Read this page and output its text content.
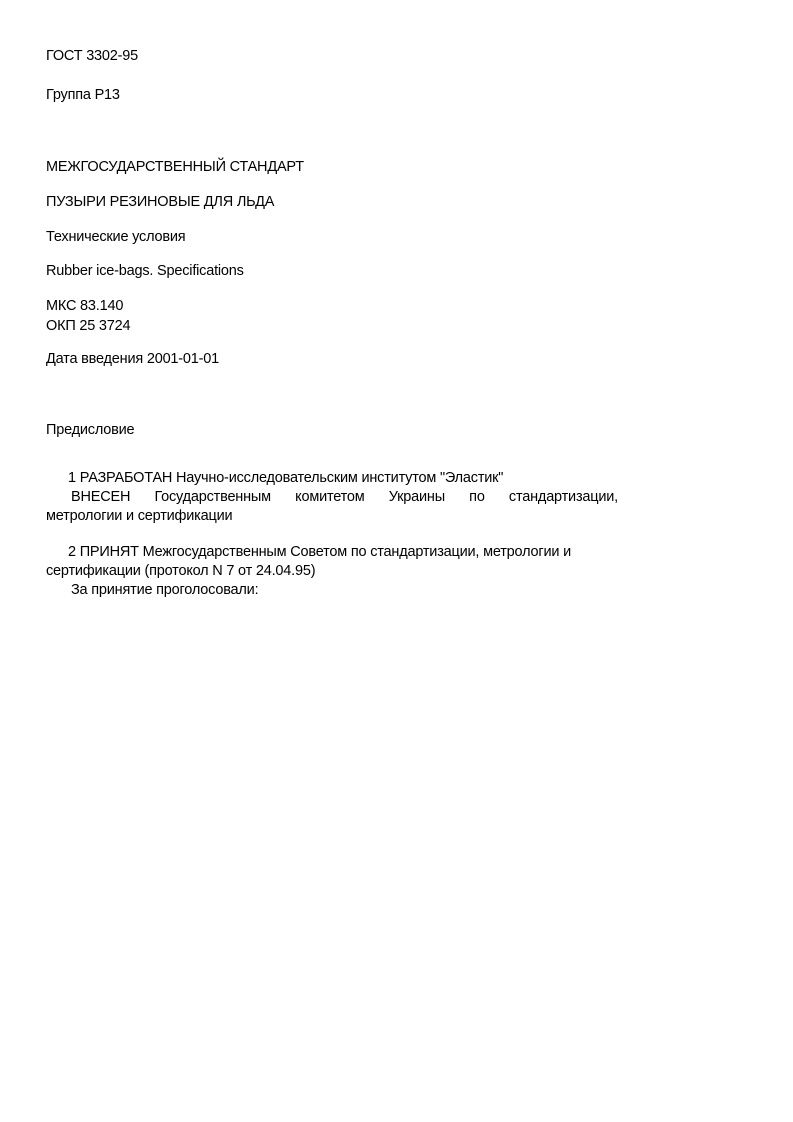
ГОСТ 3302-95
Группа Р13
МЕЖГОСУДАРСТВЕННЫЙ СТАНДАРТ
ПУЗЫРИ РЕЗИНОВЫЕ ДЛЯ ЛЬДА
Технические условия
Rubber ice-bags. Specifications
МКС 83.140
ОКП 25 3724
Дата введения 2001-01-01
Предисловие
1 РАЗРАБОТАН Научно-исследовательским институтом "Эластик"
ВНЕСЕН Государственным комитетом Украины по стандартизации,
метрологии и сертификации
2 ПРИНЯТ Межгосударственным Советом по стандартизации, метрологии и
сертификации (протокол N 7 от 24.04.95)
За принятие проголосовали:
